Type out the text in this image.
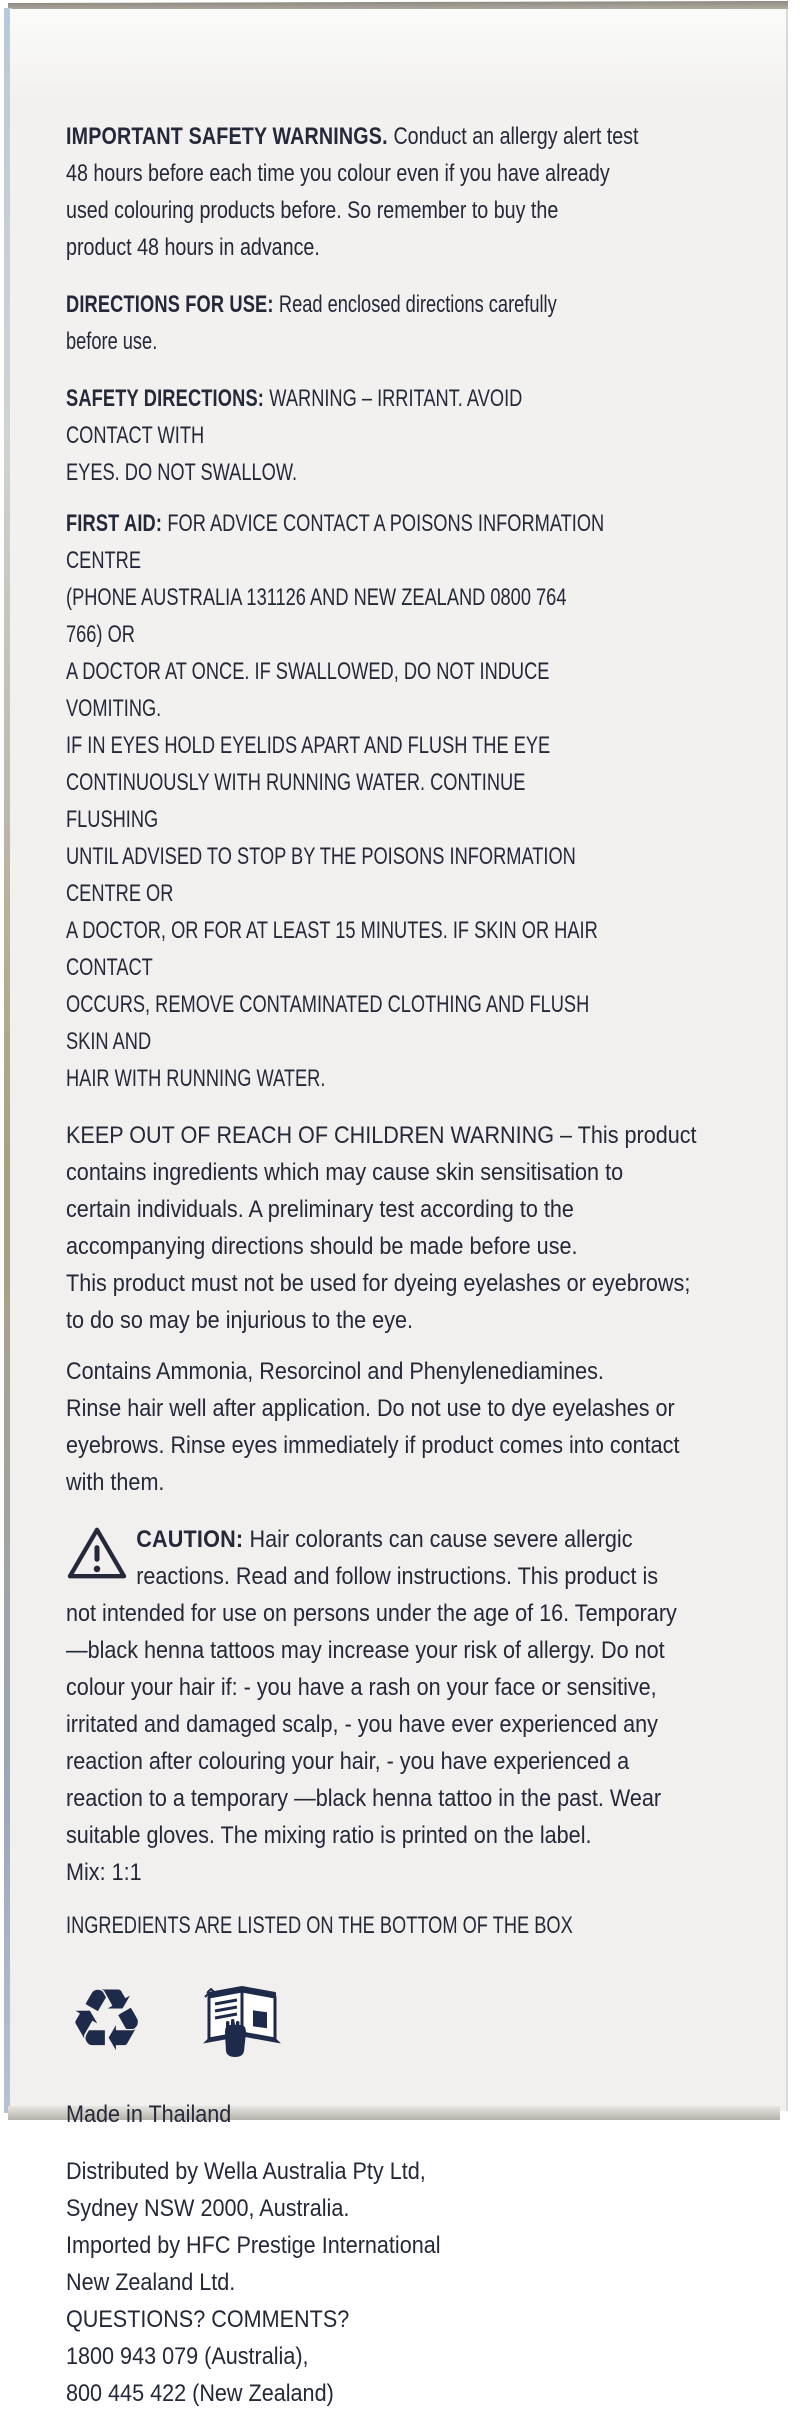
IMPORTANT SAFETY WARNINGS. Conduct an allergy alert test
48 hours before each time you colour even if you have already
used colouring products before. So remember to buy the
product 48 hours in advance.

DIRECTIONS FOR USE: Read enclosed directions carefully before use.

SAFETY DIRECTIONS: WARNING – IRRITANT. AVOID CONTACT WITH
EYES. DO NOT SWALLOW.

FIRST AID: FOR ADVICE CONTACT A POISONS INFORMATION CENTRE
(PHONE AUSTRALIA 131126 AND NEW ZEALAND 0800 764 766) OR
A DOCTOR AT ONCE. IF SWALLOWED, DO NOT INDUCE VOMITING.
IF IN EYES HOLD EYELIDS APART AND FLUSH THE EYE
CONTINUOUSLY WITH RUNNING WATER. CONTINUE FLUSHING
UNTIL ADVISED TO STOP BY THE POISONS INFORMATION CENTRE OR
A DOCTOR, OR FOR AT LEAST 15 MINUTES. IF SKIN OR HAIR CONTACT
OCCURS, REMOVE CONTAMINATED CLOTHING AND FLUSH SKIN AND
HAIR WITH RUNNING WATER.

KEEP OUT OF REACH OF CHILDREN WARNING – This product
contains ingredients which may cause skin sensitisation to
certain individuals. A preliminary test according to the
accompanying directions should be made before use.
This product must not be used for dyeing eyelashes or eyebrows;
to do so may be injurious to the eye.

Contains Ammonia, Resorcinol and Phenylenediamines.
Rinse hair well after application. Do not use to dye eyelashes or
eyebrows. Rinse eyes immediately if product comes into contact
with them.

CAUTION: Hair colorants can cause severe allergic
reactions. Read and follow instructions. This product is
not intended for use on persons under the age of 16. Temporary
—black henna tattoos may increase your risk of allergy. Do not
colour your hair if: - you have a rash on your face or sensitive,
irritated and damaged scalp, - you have ever experienced any
reaction after colouring your hair, - you have experienced a
reaction to a temporary —black henna tattoo in the past. Wear
suitable gloves. The mixing ratio is printed on the label.
Mix: 1:1

INGREDIENTS ARE LISTED ON THE BOTTOM OF THE BOX

♻

Made in Thailand

Distributed by Wella Australia Pty Ltd,
Sydney NSW 2000, Australia.
Imported by HFC Prestige International
New Zealand Ltd.
QUESTIONS? COMMENTS?
1800 943 079 (Australia),
800 445 422 (New Zealand)
